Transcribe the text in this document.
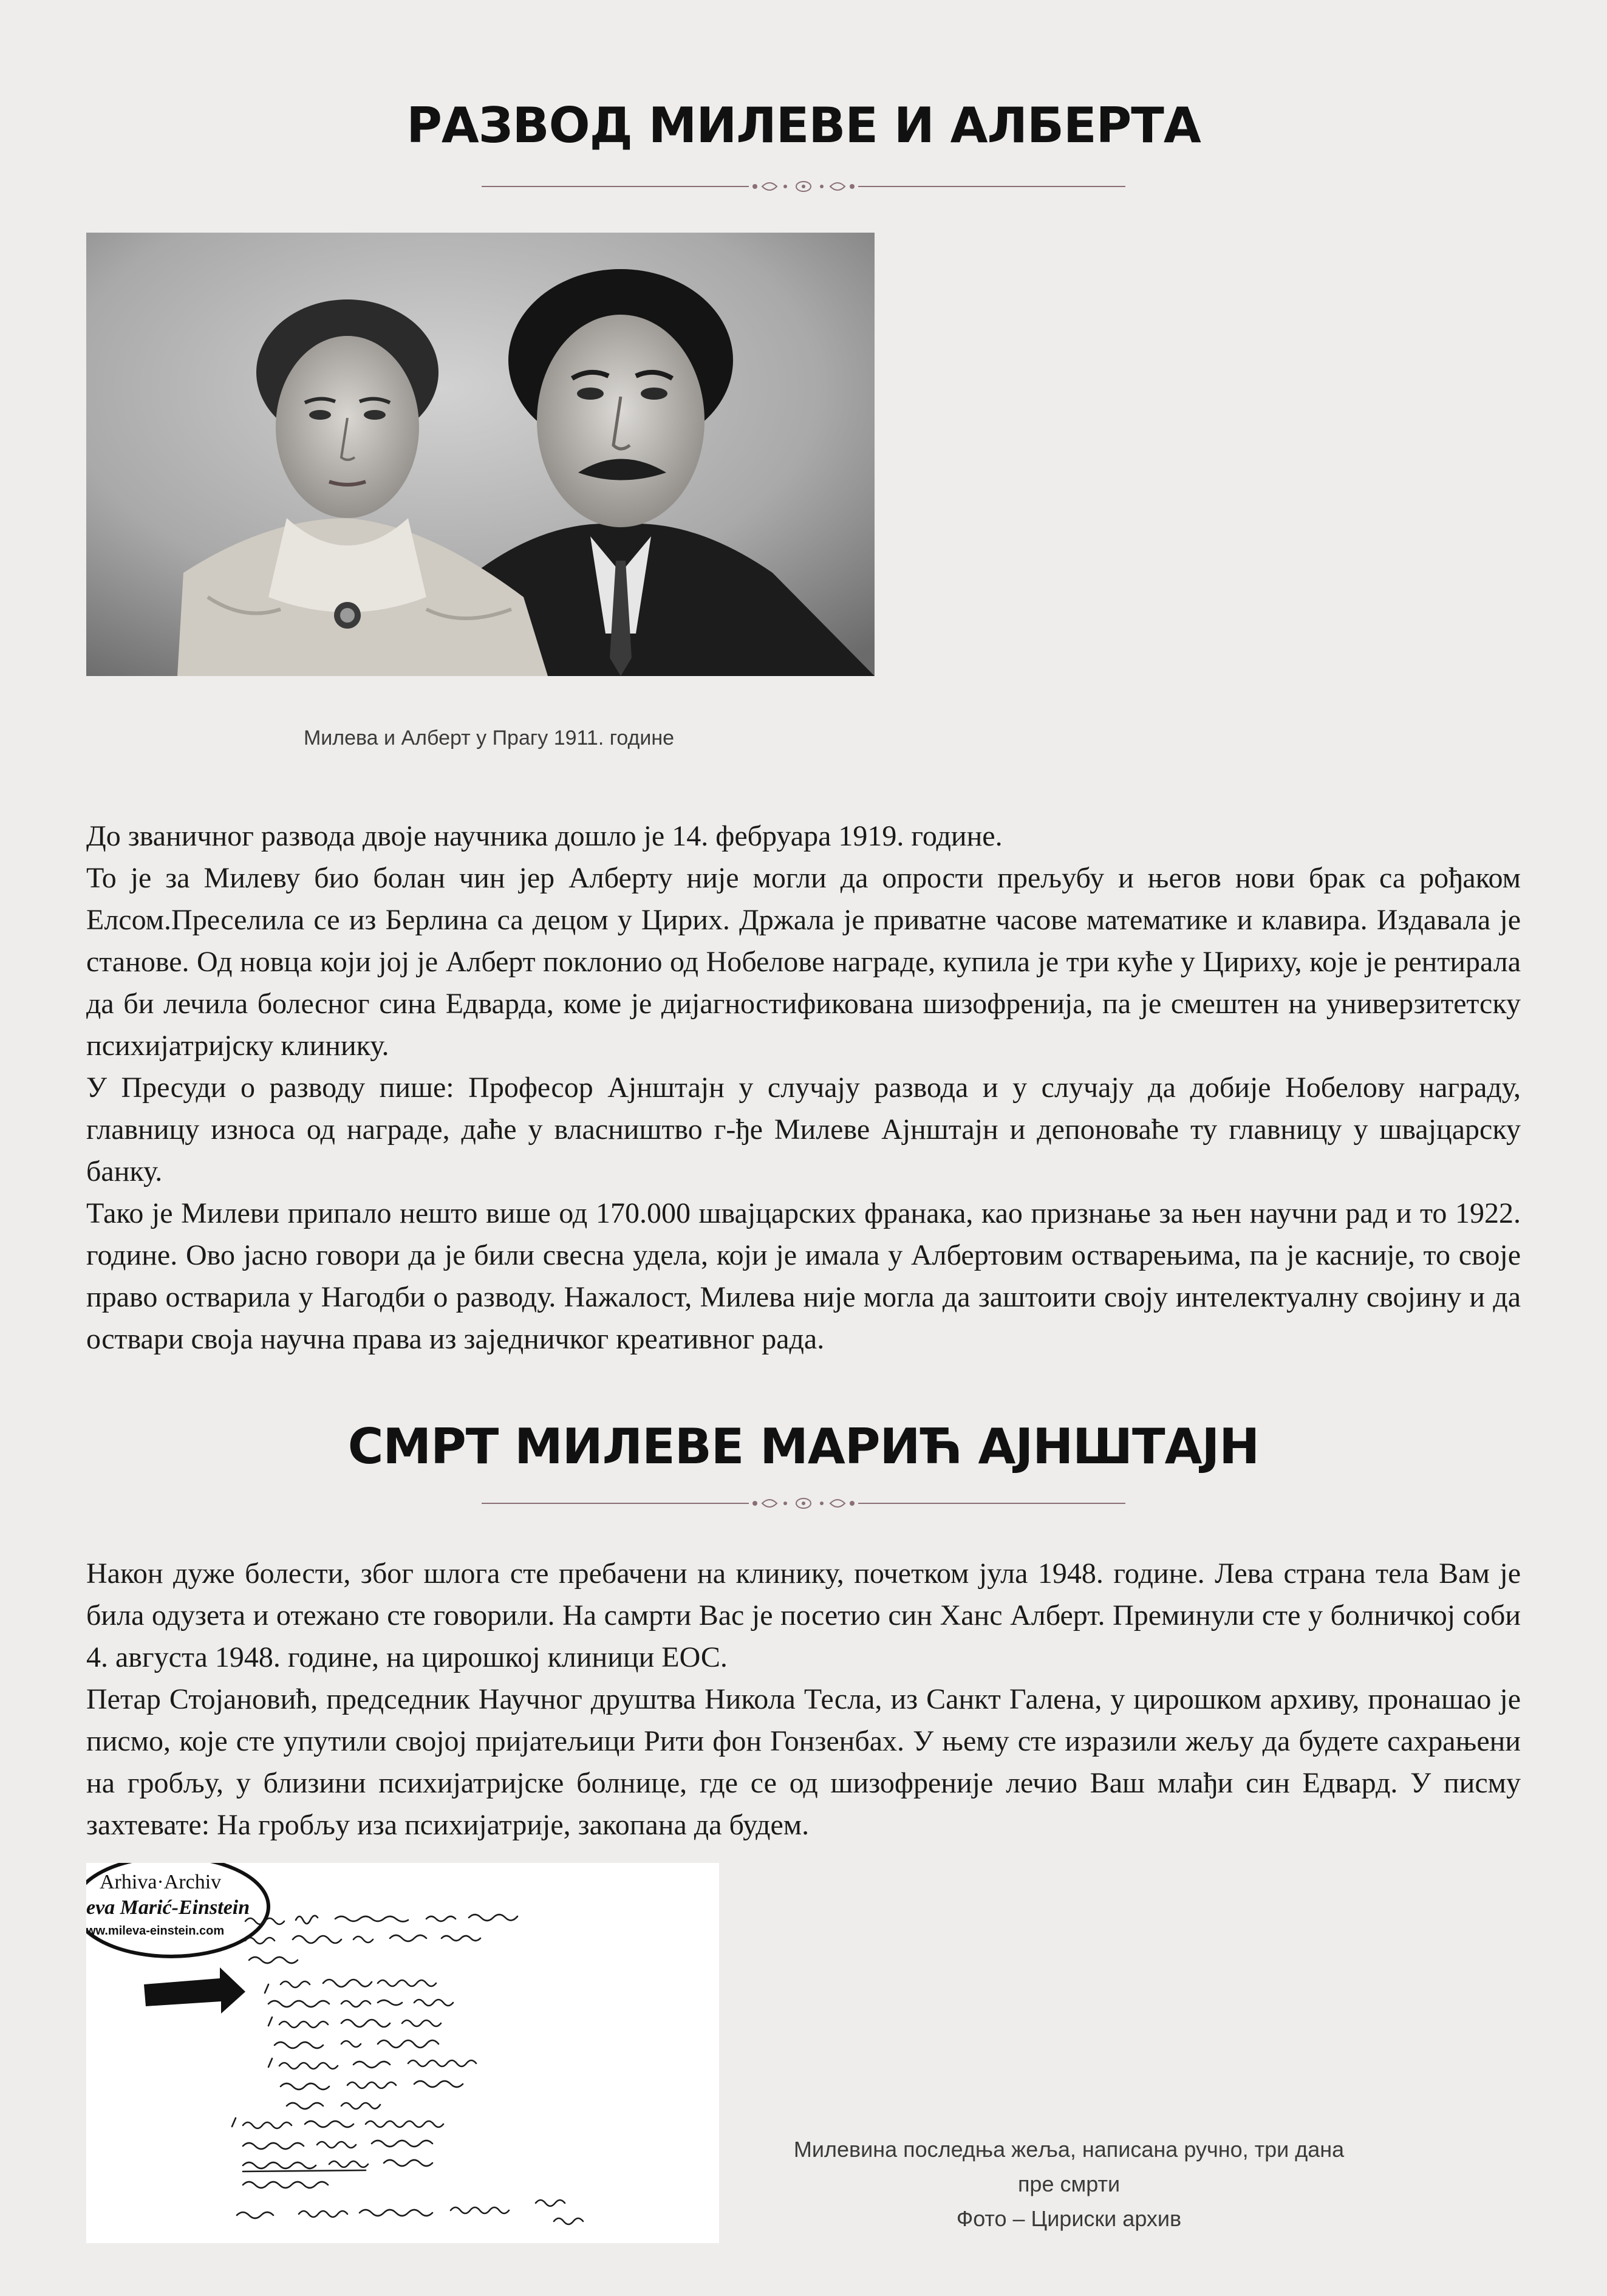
РАЗВОД МИЛЕВЕ И АЛБЕРТА
Милева и Алберт у Прагу 1911. године

До званичног развода двоје научника дошло је 14. фебруара 1919. године.

То је за Милеву био болан чин јер Алберту није могли да опрости прељубу и његов нови брак са рођаком Елсом.Преселила се из Берлина са децом у Цирих. Држала је приватне часове математике и клавира. Издавала је станове. Од новца који јој је Алберт поклонио од Нобелове награде, купила је три куће у Цириху, које је рентирала да би лечила болесног сина Едварда, коме је дијагностификована шизофренија, па је смештен на универзитетску психијатријску клинику.

У Пресуди о разводу пише: Професор Ајнштајн у случају развода и у случају да добије Нобелову награду, главницу износа од награде, даће у власништво г-ђе Милеве Ајнштајн и депоноваће ту главницу у швајцарску банку.

Тако је Милеви припало нешто више од 170.000 швајцарских франака, као признање за њен научни рад и то 1922. године. Ово јасно говори да је били свесна удела, који је имала у Албертовим остварењима, па је касније, то своје право остварила у Нагодби о разводу. Нажалост, Милева није могла да заштоити своју интелектуалну својину и да оствари своја научна права из заједничког креативног рада.

СМРТ МИЛЕВЕ МАРИЋ АЈНШТАЈН

Након дуже болести, због шлога сте пребачени на клинику, почетком јула 1948. године. Лева страна тела Вам је била одузета и отежано сте говорили. На самрти Вас је посетио син Ханс Алберт. Преминули сте у болничкој соби 4. августа 1948. године, на цирошкој клиници ЕОС.

Петар Стојановић, председник Научног друштва Никола Тесла, из Санкт Галена, у цирошком архиву, пронашао је писмо, које сте упутили својој пријатељици Рити фон Гонзенбах. У њему сте изразили жељу да будете сахрањени на гробљу, у близини психијатријске болнице, где се од шизофреније лечио Ваш млађи син Едвард. У писму захтевате: На гробљу иза психијатрије, закопана да будем.

Arhiva·Archiv
eva Marić-Einstein
ww.mileva-einstein.com
Милевина последња жеља, написана ручно, три дана
пре смрти
Фото – Цириски архив
